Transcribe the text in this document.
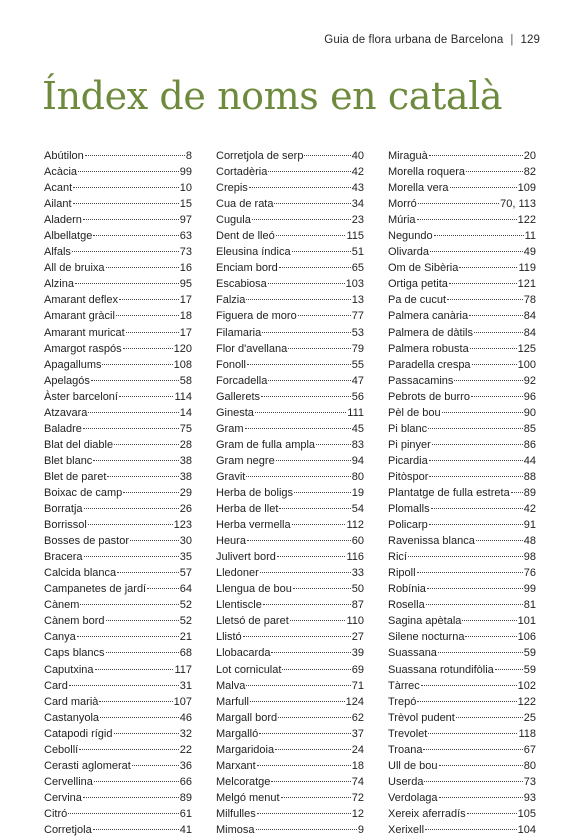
Guia de flora urbana de Barcelona | 129
Índex de noms en català
Abútilon	8
Acàcia	99
Acant	10
Ailant	15
Aladern	97
Albellatge	63
Alfals	73
All de bruixa	16
Alzina	95
Amarant deflex	17
Amarant gràcil	18
Amarant muricat	17
Amargot raspós	120
Apagallums	108
Apelagós	58
Àster barceloní	114
Atzavara	14
Baladre	75
Blat del diable	28
Blet blanc	38
Blet de paret	38
Boixac de camp	29
Borratja	26
Borrissol	123
Bosses de pastor	30
Bracera	35
Calcida blanca	57
Campanetes de jardí	64
Cànem	52
Cànem bord	52
Canya	21
Caps blancs	68
Caputxina	117
Card	31
Card marià	107
Castanyola	46
Catapodi rígid	32
Cebollí	22
Cerasti aglomerat	36
Cervellina	66
Cervina	89
Citró	61
Corretjola	41
Corretjola de serp	40
Cortadèria	42
Crepis	43
Cua de rata	34
Cugula	23
Dent de lleó	115
Eleusina índica	51
Enciam bord	65
Escabiosa	103
Falzia	13
Figuera de moro	77
Filamaria	53
Flor d'avellana	79
Fonoll	55
Forcadella	47
Gallerets	56
Ginesta	111
Gram	45
Gram de fulla ampla	83
Gram negre	94
Gravit	80
Herba de boligs	19
Herba de llet	54
Herba vermella	112
Heura	60
Julivert bord	116
Lledoner	33
Llengua de bou	50
Llentiscle	87
Lletsó de paret	110
Llistó	27
Llobacarda	39
Lot corniculat	69
Malva	71
Marfull	124
Margall bord	62
Margalló	37
Margaridoia	24
Marxant	18
Melcoratge	74
Melgó menut	72
Milfulles	12
Mimosa	9
Miraguà	20
Morella roquera	82
Morella vera	109
Morró	70, 113
Múria	122
Negundo	11
Olivarda	49
Om de Sibèria	119
Ortiga petita	121
Pa de cucut	78
Palmera canària	84
Palmera de dàtils	84
Palmera robusta	125
Paradella crespa	100
Passacamins	92
Pebrots de burro	96
Pèl de bou	90
Pi blanc	85
Pi pinyer	86
Picardia	44
Pitòspor	88
Plantatge de fulla estreta 89
Plomalls	42
Policarp	91
Ravenissa blanca	48
Ricí	98
Ripoll	76
Robínia	99
Rosella	81
Sagina apètala	101
Silene nocturna	106
Suassana	59
Suassana rotundifòlia	59
Tàrrec	102
Trepó	122
Trèvol pudent	25
Trevolet	118
Troana	67
Ull de bou	80
Userda	73
Verdolaga	93
Xereix aferradís	105
Xerixell	104
